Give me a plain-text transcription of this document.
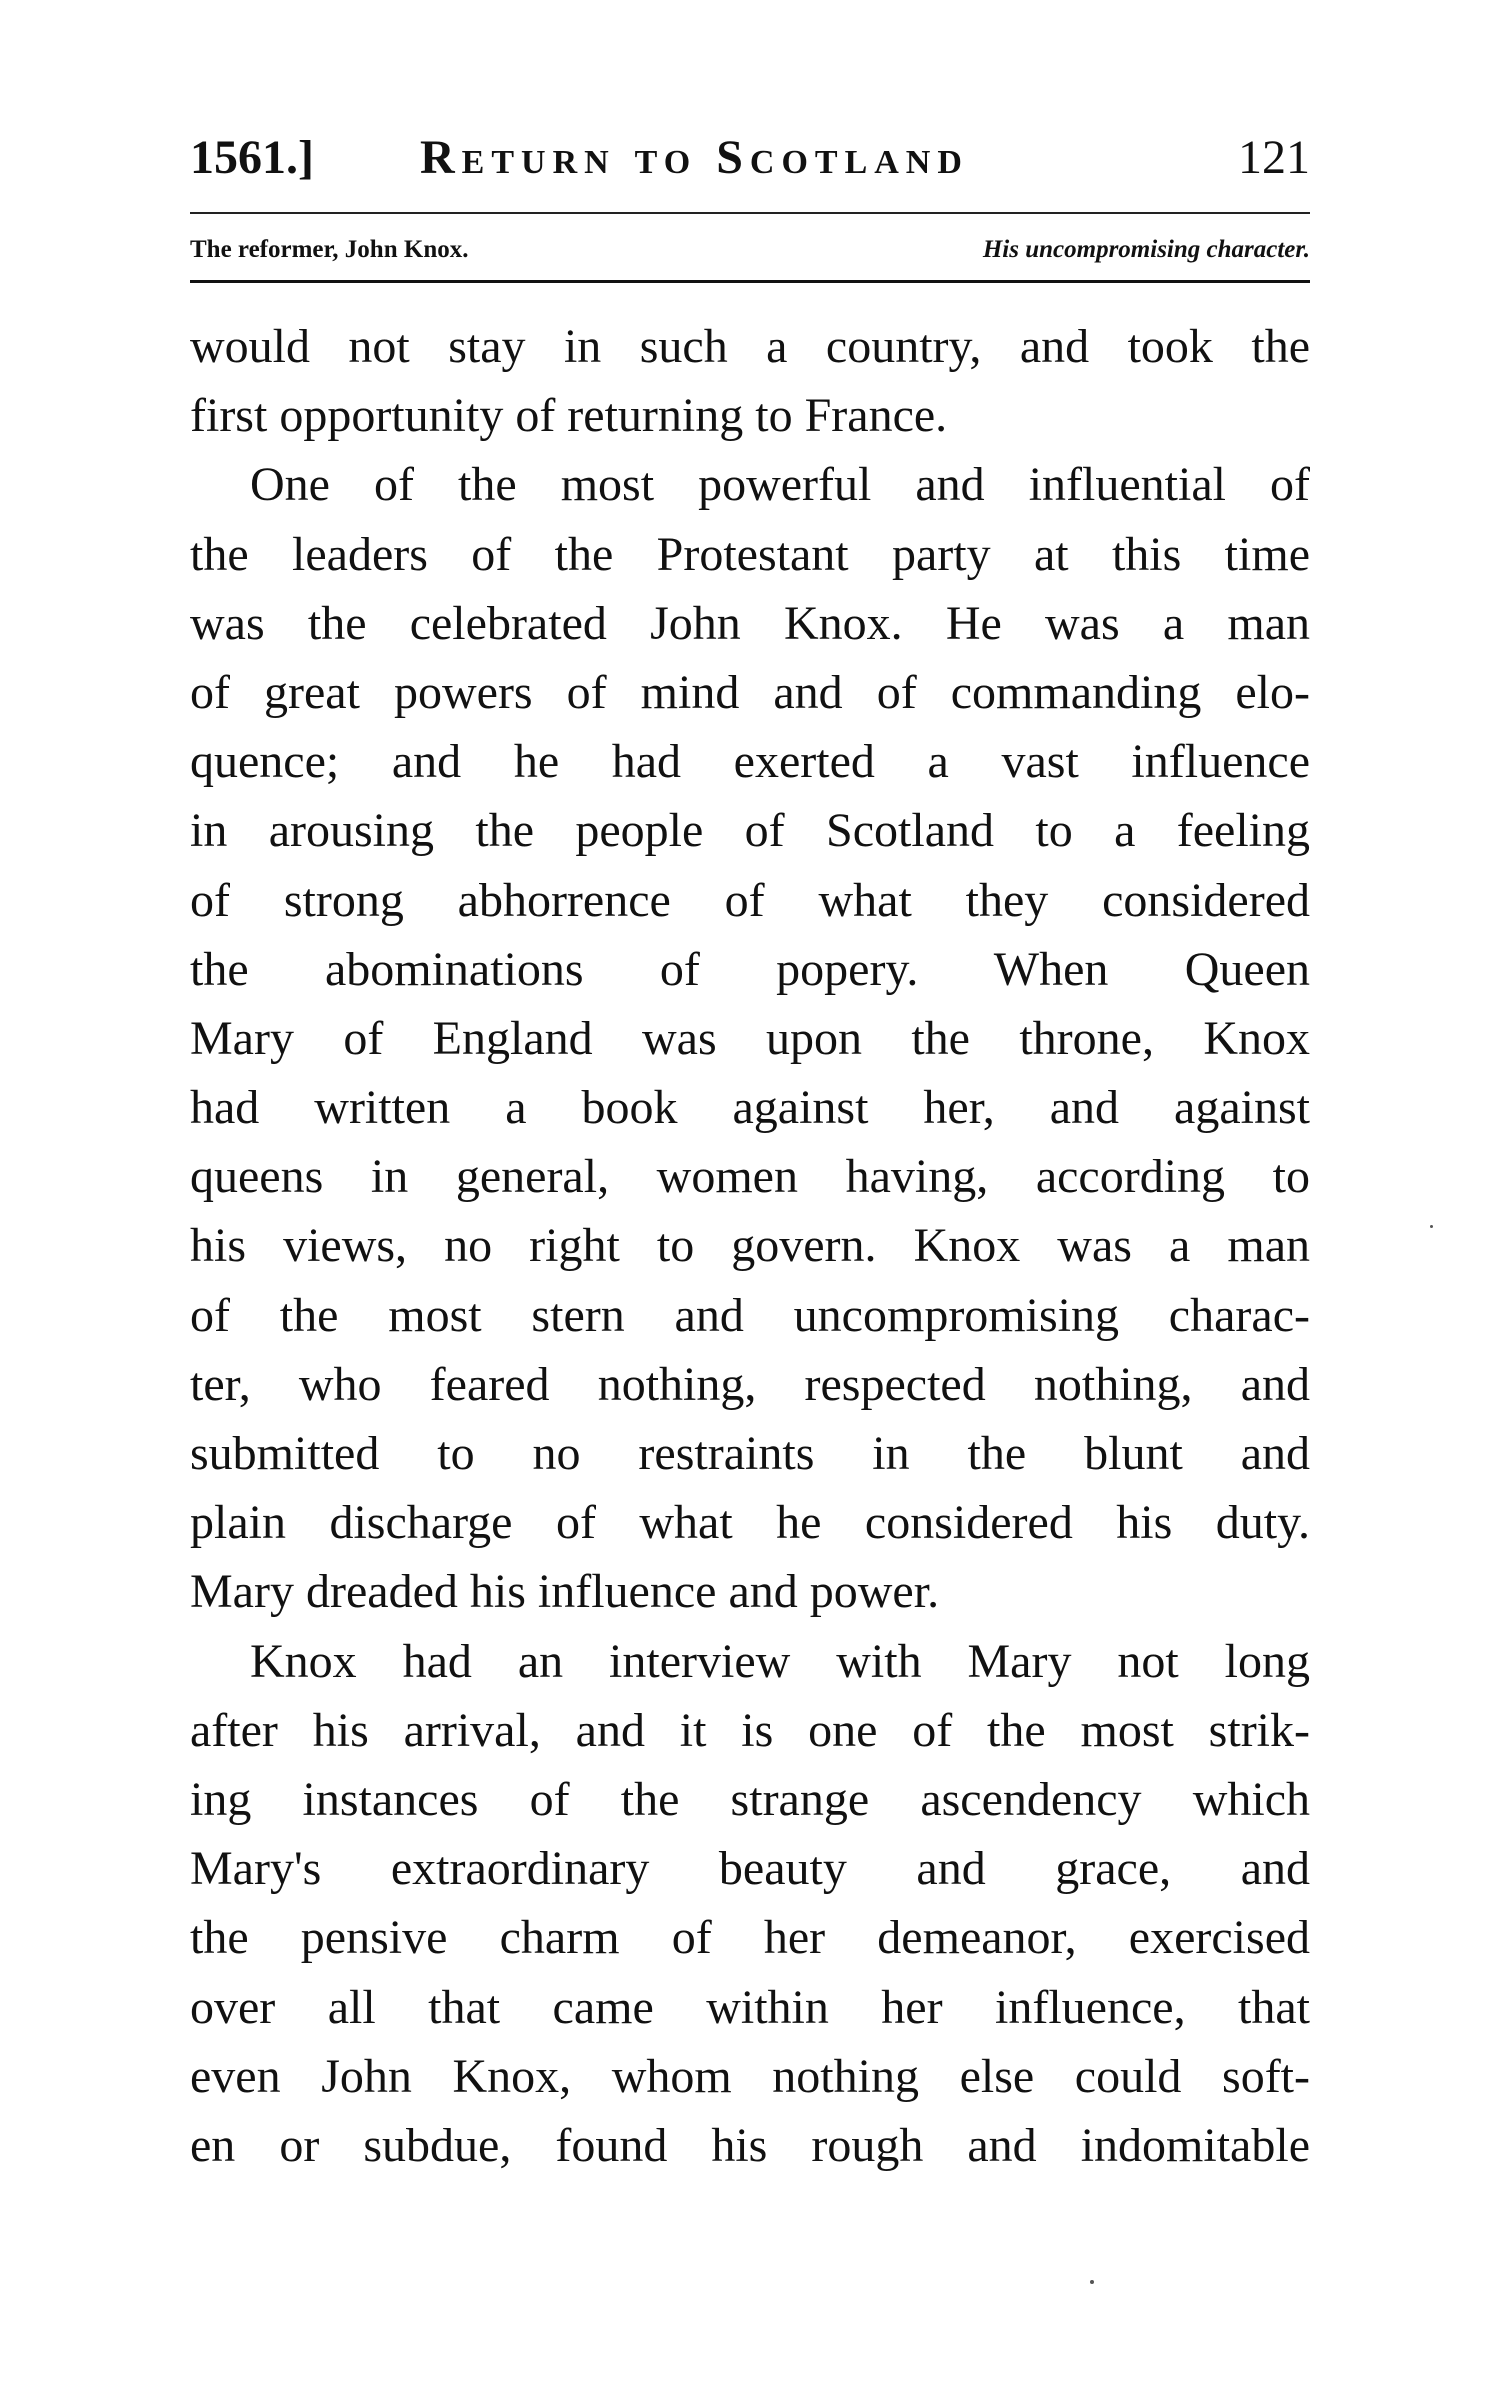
1561.] Return to Scotland	121
The reformer, John Knox.	His uncompromising character.
would not stay in such a country, and took the
first opportunity of returning to France.
One of the most powerful and influential of
the leaders of the Protestant party at this time
was the celebrated John Knox. He was a man
of great powers of mind and of commanding elo-
quence; and he had exerted a vast influence
in arousing the people of Scotland to a feeling
of strong abhorrence of what they considered
the abominations of popery. When Queen
Mary of England was upon the throne, Knox
had written a book against her, and against
queens in general, women having, according to
his views, no right to govern. Knox was a man
of the most stern and uncompromising charac-
ter, who feared nothing, respected nothing, and
submitted to no restraints in the blunt and
plain discharge of what he considered his duty.
Mary dreaded his influence and power.
Knox had an interview with Mary not long
after his arrival, and it is one of the most strik-
ing instances of the strange ascendency which
Mary's extraordinary beauty and grace, and
the pensive charm of her demeanor, exercised
over all that came within her influence, that
even John Knox, whom nothing else could soft-
en or subdue, found his rough and indomitable
